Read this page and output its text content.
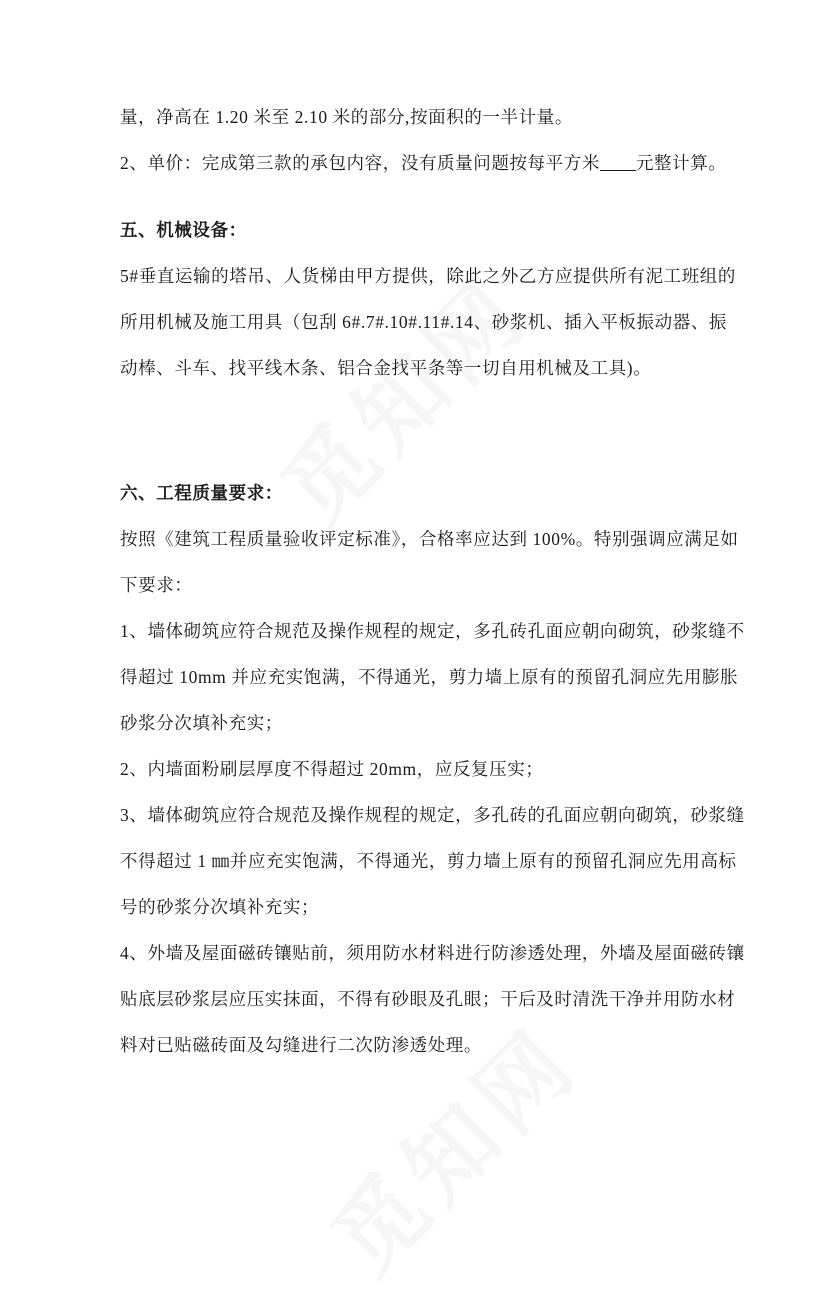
量，净高在 1.20 米至 2.10 米的部分,按面积的一半计量。
2、单价：完成第三款的承包内容，没有质量问题按每平方米 元整计算。
五、机械设备：
5#垂直运输的塔吊、人货梯由甲方提供，除此之外乙方应提供所有泥工班组的
所用机械及施工用具（包刮 6#.7#.10#.11#.14、砂浆机、插入平板振动器、振
动棒、斗车、找平线木条、铝合金找平条等一切自用机械及工具)。
六、工程质量要求：
按照《建筑工程质量验收评定标准》，合格率应达到 100%。特别强调应满足如
下要求：
1、墙体砌筑应符合规范及操作规程的规定，多孔砖孔面应朝向砌筑，砂浆缝不
得超过 10mm 并应充实饱满，不得通光，剪力墙上原有的预留孔洞应先用膨胀
砂浆分次填补充实；
2、内墙面粉刷层厚度不得超过 20mm，应反复压实；
3、墙体砌筑应符合规范及操作规程的规定，多孔砖的孔面应朝向砌筑，砂浆缝
不得超过 1 ㎜并应充实饱满，不得通光，剪力墙上原有的预留孔洞应先用高标
号的砂浆分次填补充实；
4、外墙及屋面磁砖镶贴前，须用防水材料进行防渗透处理，外墙及屋面磁砖镶
贴底层砂浆层应压实抹面，不得有砂眼及孔眼；干后及时清洗干净并用防水材
料对已贴磁砖面及勾缝进行二次防渗透处理。
